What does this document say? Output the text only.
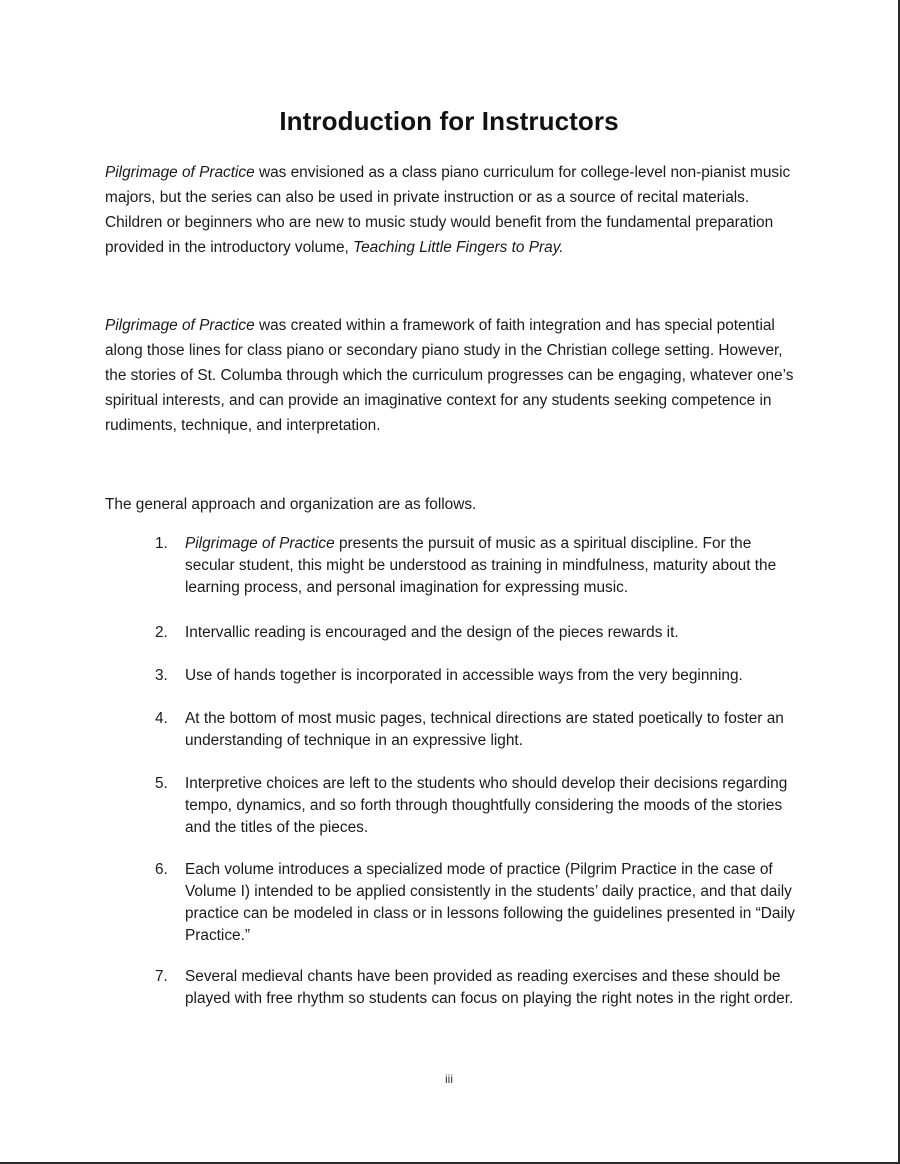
Introduction for Instructors

Pilgrimage of Practice was envisioned as a class piano curriculum for college-level non-pianist music majors, but the series can also be used in private instruction or as a source of recital materials. Children or beginners who are new to music study would benefit from the fundamental preparation provided in the introductory volume, Teaching Little Fingers to Pray.

Pilgrimage of Practice was created within a framework of faith integration and has special potential along those lines for class piano or secondary piano study in the Christian college setting. However, the stories of St. Columba through which the curriculum progresses can be engaging, whatever one’s spiritual interests, and can provide an imaginative context for any students seeking competence in rudiments, technique, and interpretation.

The general approach and organization are as follows.

1.	Pilgrimage of Practice presents the pursuit of music as a spiritual discipline. For the secular student, this might be understood as training in mindfulness, maturity about the learning process, and personal imagination for expressing music.
2.	Intervallic reading is encouraged and the design of the pieces rewards it.
3.	Use of hands together is incorporated in accessible ways from the very beginning.
4.	At the bottom of most music pages, technical directions are stated poetically to foster an understanding of technique in an expressive light.
5.	Interpretive choices are left to the students who should develop their decisions regarding tempo, dynamics, and so forth through thoughtfully considering the moods of the stories and the titles of the pieces.
6.	Each volume introduces a specialized mode of practice (Pilgrim Practice in the case of Volume I) intended to be applied consistently in the students’ daily practice, and that daily practice can be modeled in class or in lessons following the guidelines presented in “Daily Practice.”
7.	Several medieval chants have been provided as reading exercises and these should be played with free rhythm so students can focus on playing the right notes in the right order.
iii
